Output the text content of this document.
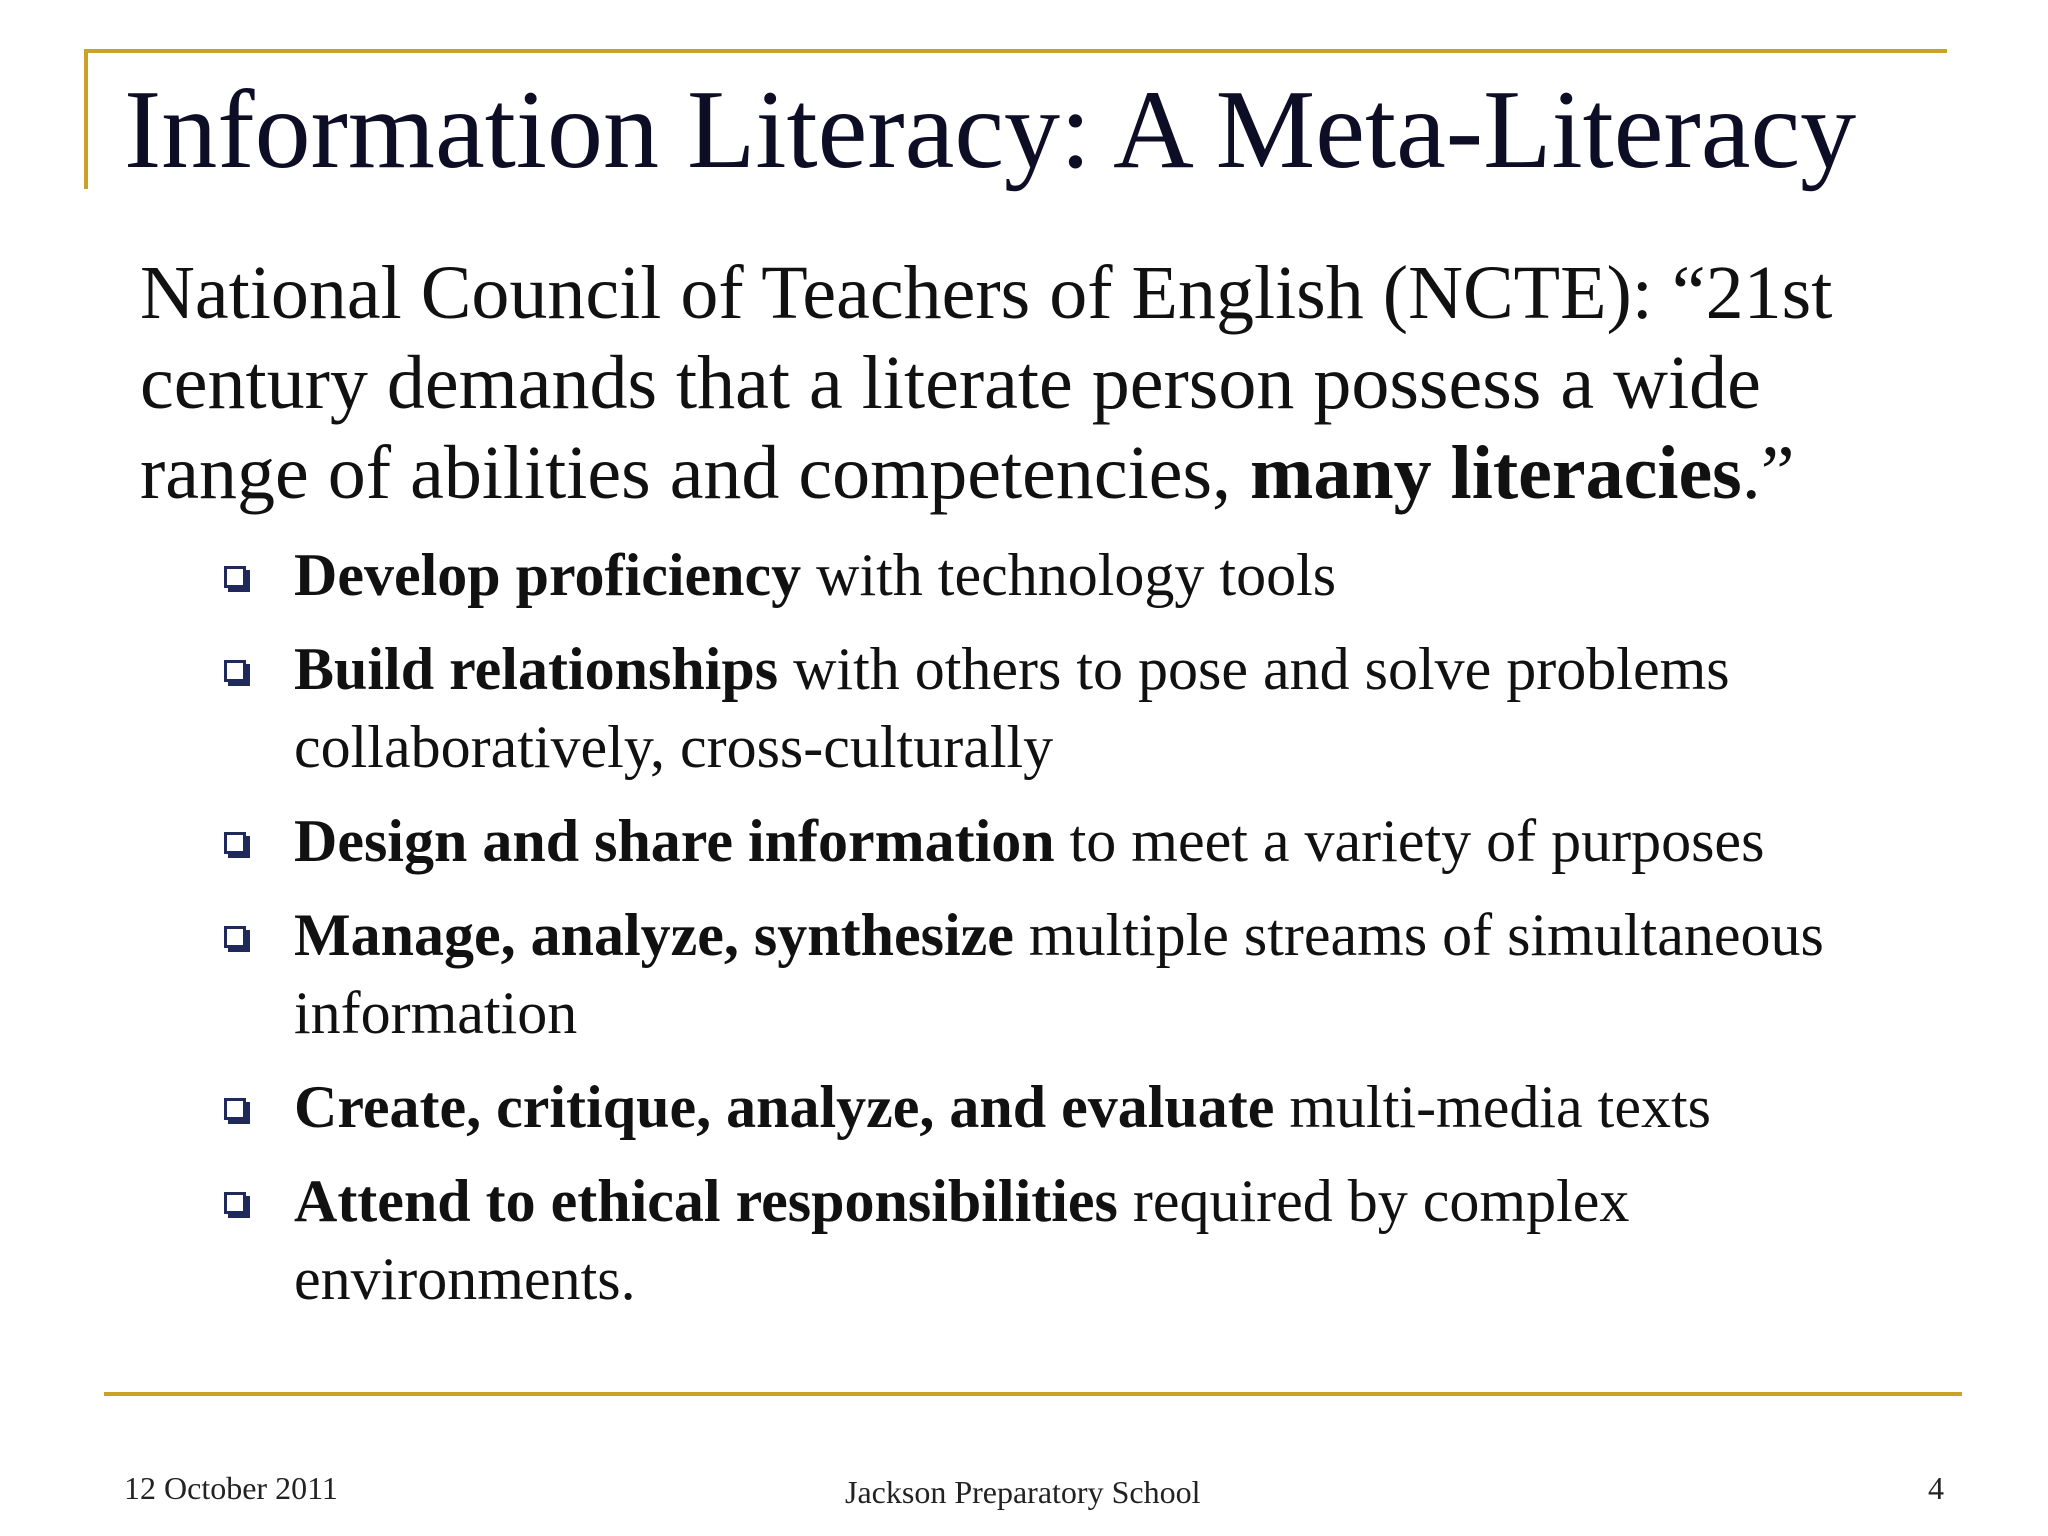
Information Literacy: A Meta-Literacy
National Council of Teachers of English (NCTE): “21st century demands that a literate person possess a wide range of abilities and competencies, many literacies.”
Develop proficiency with technology tools
Build relationships with others to pose and solve problems collaboratively, cross-culturally
Design and share information to meet a variety of purposes
Manage, analyze, synthesize multiple streams of simultaneous information
Create, critique, analyze, and evaluate multi-media texts
Attend to ethical responsibilities required by complex environments.
12 October 2011	Jackson Preparatory School	4
